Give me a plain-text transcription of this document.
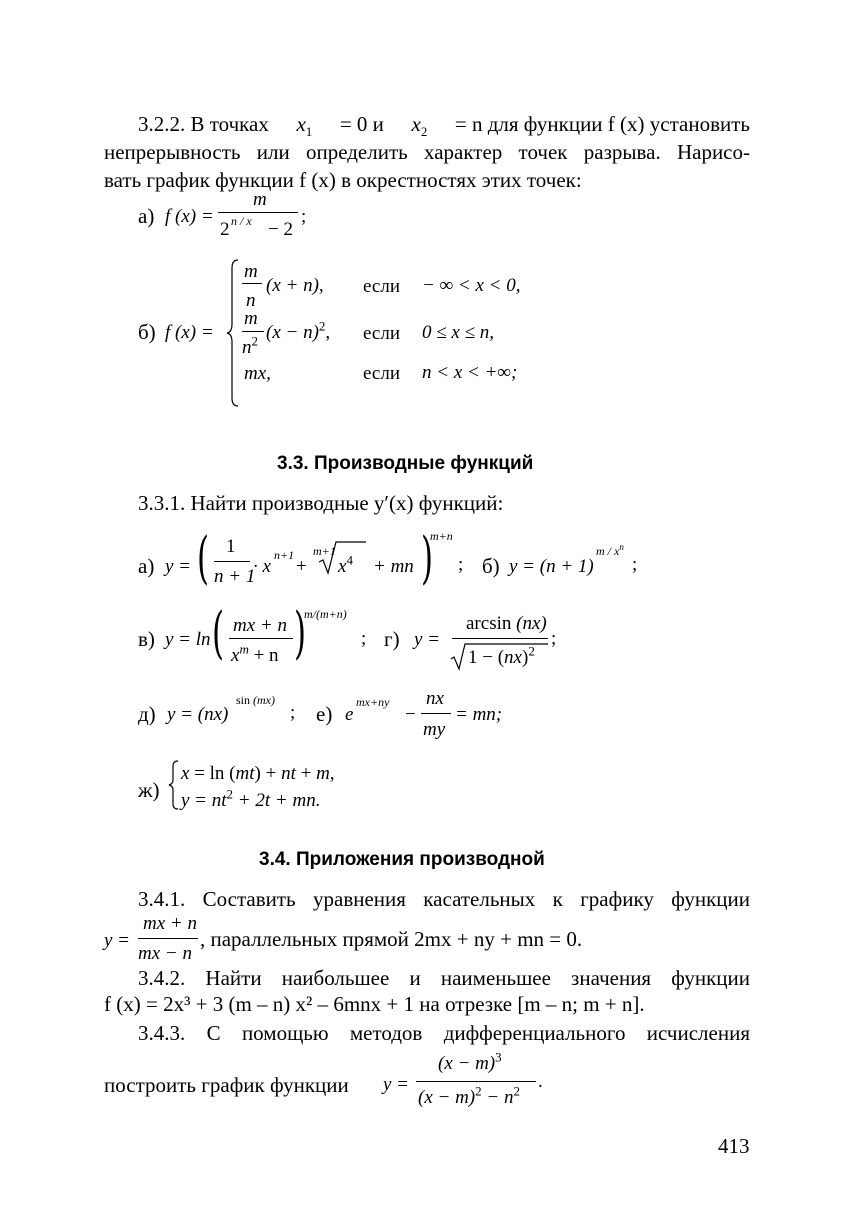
3.2.2. В точках $x_1 = 0$ и $x_2 = n$ для функции f (x) установить
непрерывность или определить характер точек разрыва. Нарисо-
вать график функции f (x) в окрестностях этих точек:
а) f (x) =
m
2 n / x − 2
;
б) f (x) =
m
n
(x + n), если − ∞ < x < 0,
m
$n^2$ $(x - n)^2$, если 0 ≤ x ≤ n,
mx,	если n < x < +∞;
3.3. Производные функций
3.3.1. Найти производные y′(x) функций:
а) y = ( 1
n + 1
· x
n+1
+
m+1
$x^4$ + mn )
m+n
; б) y = (n + 1)
m / $x^n$
;
в) y = ln ( mx + n
$x^m + n$ )
m/(m+n)
; г) y =
arcsin (nx)
1 − (nx)$^2$
;
д) y = (nx)
sin (mx)
; е) e
mx+ny
−
nx
my
= mn;
ж)
x = ln (mt) + nt + m,
$y = nt^2 + 2t$ + mn.
3.4. Приложения производной
3.4.1. Составить уравнения касательных к графику функции
y =
mx + n
mx − n
, параллельных прямой 2mx + ny + mn = 0.
3.4.2. Найти наибольшее и наименьшее значения функции
f (x) = 2x³ + 3 (m – n) x² – 6mnx + 1 на отрезке [m – n; m + n].
3.4.3. С помощью методов дифференциального исчисления
построить график функции y =
$(x - m)^3$
$(x - m)^2 - n^2$ .
413
